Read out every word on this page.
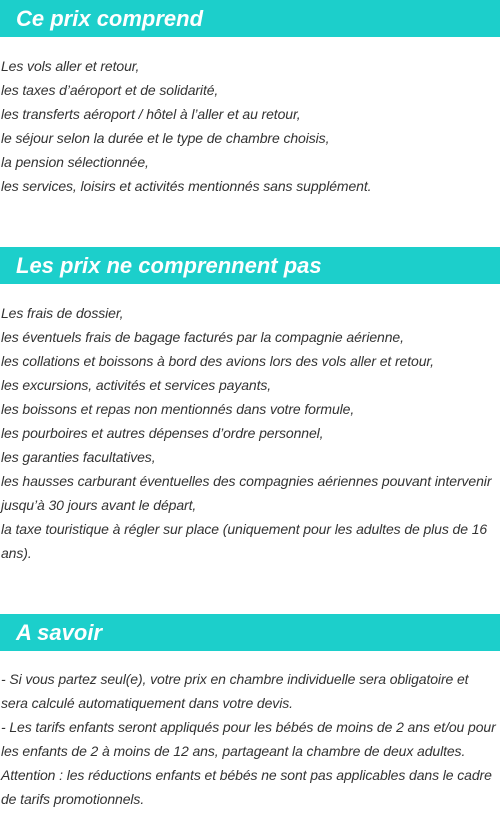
Ce prix comprend
Les vols aller et retour,
les taxes d’aéroport et de solidarité,
les transferts aéroport / hôtel à l’aller et au retour,
le séjour selon la durée et le type de chambre choisis,
la pension sélectionnée,
les services, loisirs et activités mentionnés sans supplément.
Les prix ne comprennent pas
Les frais de dossier,
les éventuels frais de bagage facturés par la compagnie aérienne,
les collations et boissons à bord des avions lors des vols aller et retour,
les excursions, activités et services payants,
les boissons et repas non mentionnés dans votre formule,
les pourboires et autres dépenses d’ordre personnel,
les garanties facultatives,
les hausses carburant éventuelles des compagnies aériennes pouvant intervenir
jusqu’à 30 jours avant le départ,
la taxe touristique à régler sur place (uniquement pour les adultes de plus de 16
ans).
A savoir
- Si vous partez seul(e), votre prix en chambre individuelle sera obligatoire et
sera calculé automatiquement dans votre devis.
- Les tarifs enfants seront appliqués pour les bébés de moins de 2 ans et/ou pour
les enfants de 2 à moins de 12 ans, partageant la chambre de deux adultes.
Attention : les réductions enfants et bébés ne sont pas applicables dans le cadre
de tarifs promotionnels.
